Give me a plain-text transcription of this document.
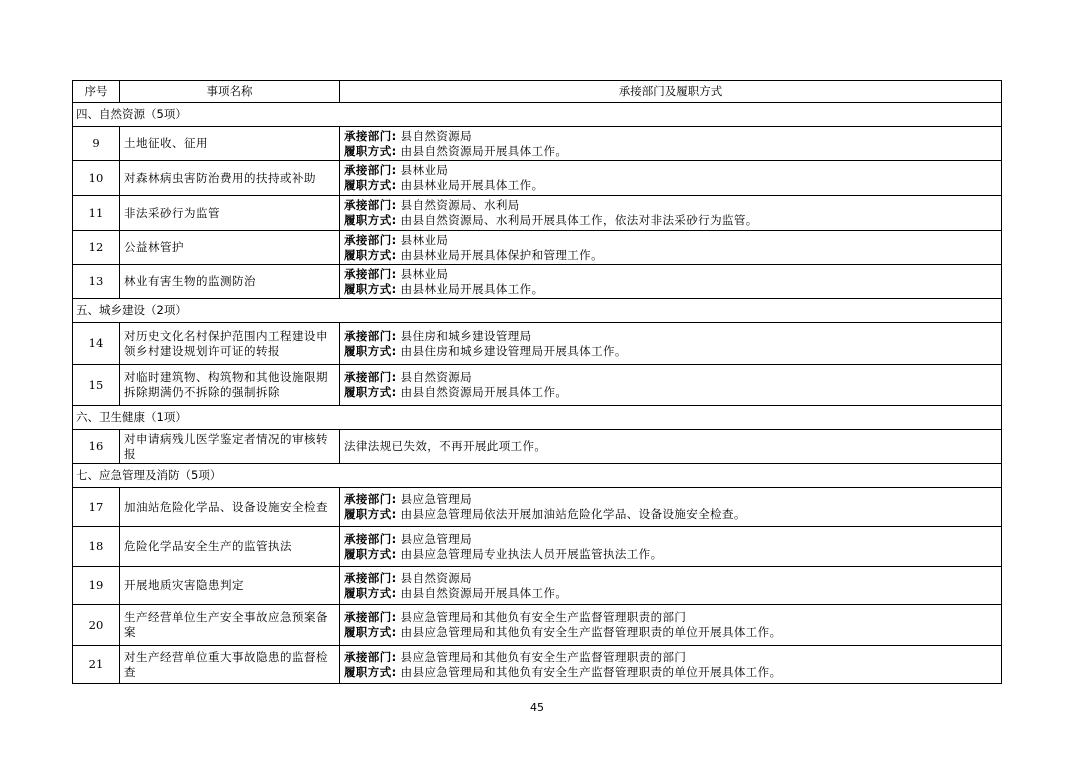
序号	事项名称	承接部门及履职方式
四、自然资源（5项）		
9	土地征收、征用	承接部门: 县自然资源局
履职方式: 由县自然资源局开展具体工作。

10	对森林病虫害防治费用的扶持或补助	承接部门: 县林业局
履职方式: 由县林业局开展具体工作。

11	非法采砂行为监管	承接部门: 县自然资源局、水利局
履职方式: 由县自然资源局、水利局开展具体工作，依法对非法采砂行为监管。

12	公益林管护	承接部门: 县林业局
履职方式: 由县林业局开展具体保护和管理工作。

13	林业有害生物的监测防治	承接部门: 县林业局
履职方式: 由县林业局开展具体工作。

五、城乡建设（2项）		
14	对历史文化名村保护范围内工程建设申领乡村建设规划许可证的转报	承接部门: 县住房和城乡建设管理局
履职方式: 由县住房和城乡建设管理局开展具体工作。

15	对临时建筑物、构筑物和其他设施限期拆除期满仍不拆除的强制拆除	承接部门: 县自然资源局
履职方式: 由县自然资源局开展具体工作。

六、卫生健康（1项）		
16	对申请病残儿医学鉴定者情况的审核转报	法律法规已失效，不再开展此项工作。
七、应急管理及消防（5项）		
17	加油站危险化学品、设备设施安全检查	承接部门: 县应急管理局
履职方式: 由县应急管理局依法开展加油站危险化学品、设备设施安全检查。

18	危险化学品安全生产的监管执法	承接部门: 县应急管理局
履职方式: 由县应急管理局专业执法人员开展监管执法工作。

19	开展地质灾害隐患判定	承接部门: 县自然资源局
履职方式: 由县自然资源局开展具体工作。

20	生产经营单位生产安全事故应急预案备案	承接部门: 县应急管理局和其他负有安全生产监督管理职责的部门
履职方式: 由县应急管理局和其他负有安全生产监督管理职责的单位开展具体工作。

21	对生产经营单位重大事故隐患的监督检查	承接部门: 县应急管理局和其他负有安全生产监督管理职责的部门
履职方式: 由县应急管理局和其他负有安全生产监督管理职责的单位开展具体工作。
45
